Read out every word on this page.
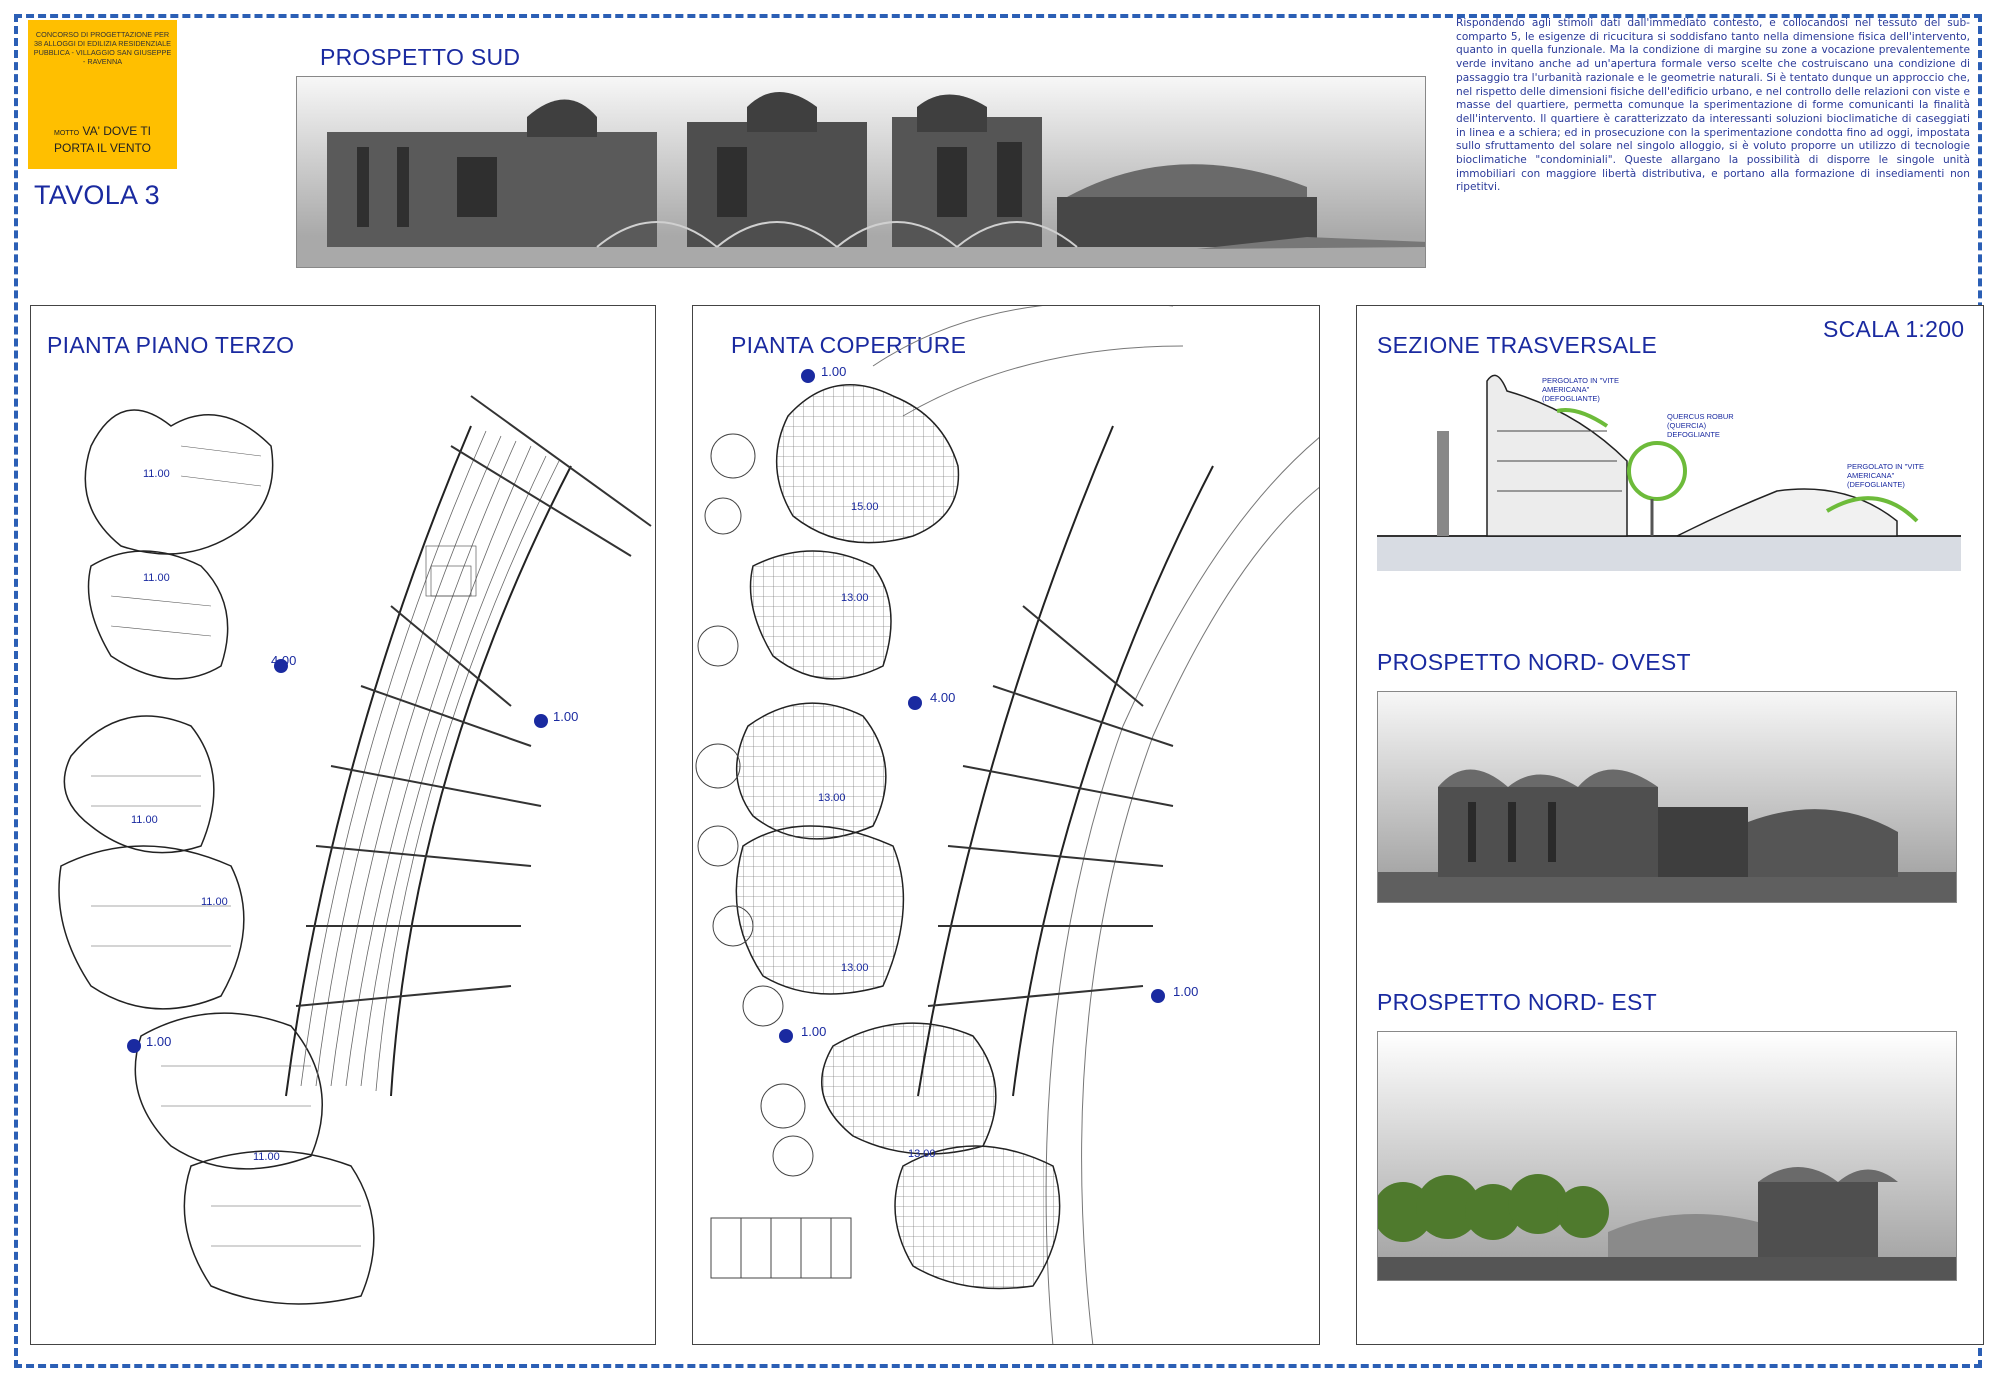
CONCORSO DI PROGETTAZIONE PER 38 ALLOGGI DI EDILIZIA RESIDENZIALE PUBBLICA - VILLAGGIO SAN GIUSEPPE - RAVENNA
MOTTO VA' DOVE TI
PORTA IL VENTO
TAVOLA 3
PROSPETTO SUD
Rispondendo agli stimoli dati dall'immediato contesto, e collocandosi nel tessuto del sub-comparto 5, le esigenze di ricucitura si soddisfano tanto nella dimensione fisica dell'intervento, quanto in quella funzionale. Ma la condizione di margine su zone a vocazione prevalentemente verde invitano anche ad un'apertura formale verso scelte che costruiscano una condizione di passaggio tra l'urbanità razionale e le geometrie naturali. Si è tentato dunque un approccio che, nel rispetto delle dimensioni fisiche dell'edificio urbano, e nel controllo delle relazioni con viste e masse del quartiere, permetta comunque la sperimentazione di forme comunicanti la finalità dell'intervento. Il quartiere è caratterizzato da interessanti soluzioni bioclimatiche di caseggiati in linea e a schiera; ed in prosecuzione con la sperimentazione condotta fino ad oggi, impostata sullo sfruttamento del solare nel singolo alloggio, si è voluto proporre un utilizzo di tecnologie bioclimatiche "condominiali". Queste allargano la possibilità di disporre le singole unità immobiliari con maggiore libertà distributiva, e portano alla formazione di insediamenti non ripetitvi.
PIANTA PIANO TERZO
11.00
11.00
4.00
1.00
11.00
11.00
1.00
11.00
PIANTA COPERTURE
1.00
4.00
1.00
1.00
15.00
13.00
13.00
13.00
13.00
SEZIONE TRASVERSALE
SCALA 1:200
PERGOLATO IN "VITE AMERICANA" (DEFOGLIANTE)
QUERCUS ROBUR (QUERCIA) DEFOGLIANTE
PERGOLATO IN "VITE AMERICANA" (DEFOGLIANTE)
PROSPETTO NORD- OVEST
PROSPETTO NORD- EST
